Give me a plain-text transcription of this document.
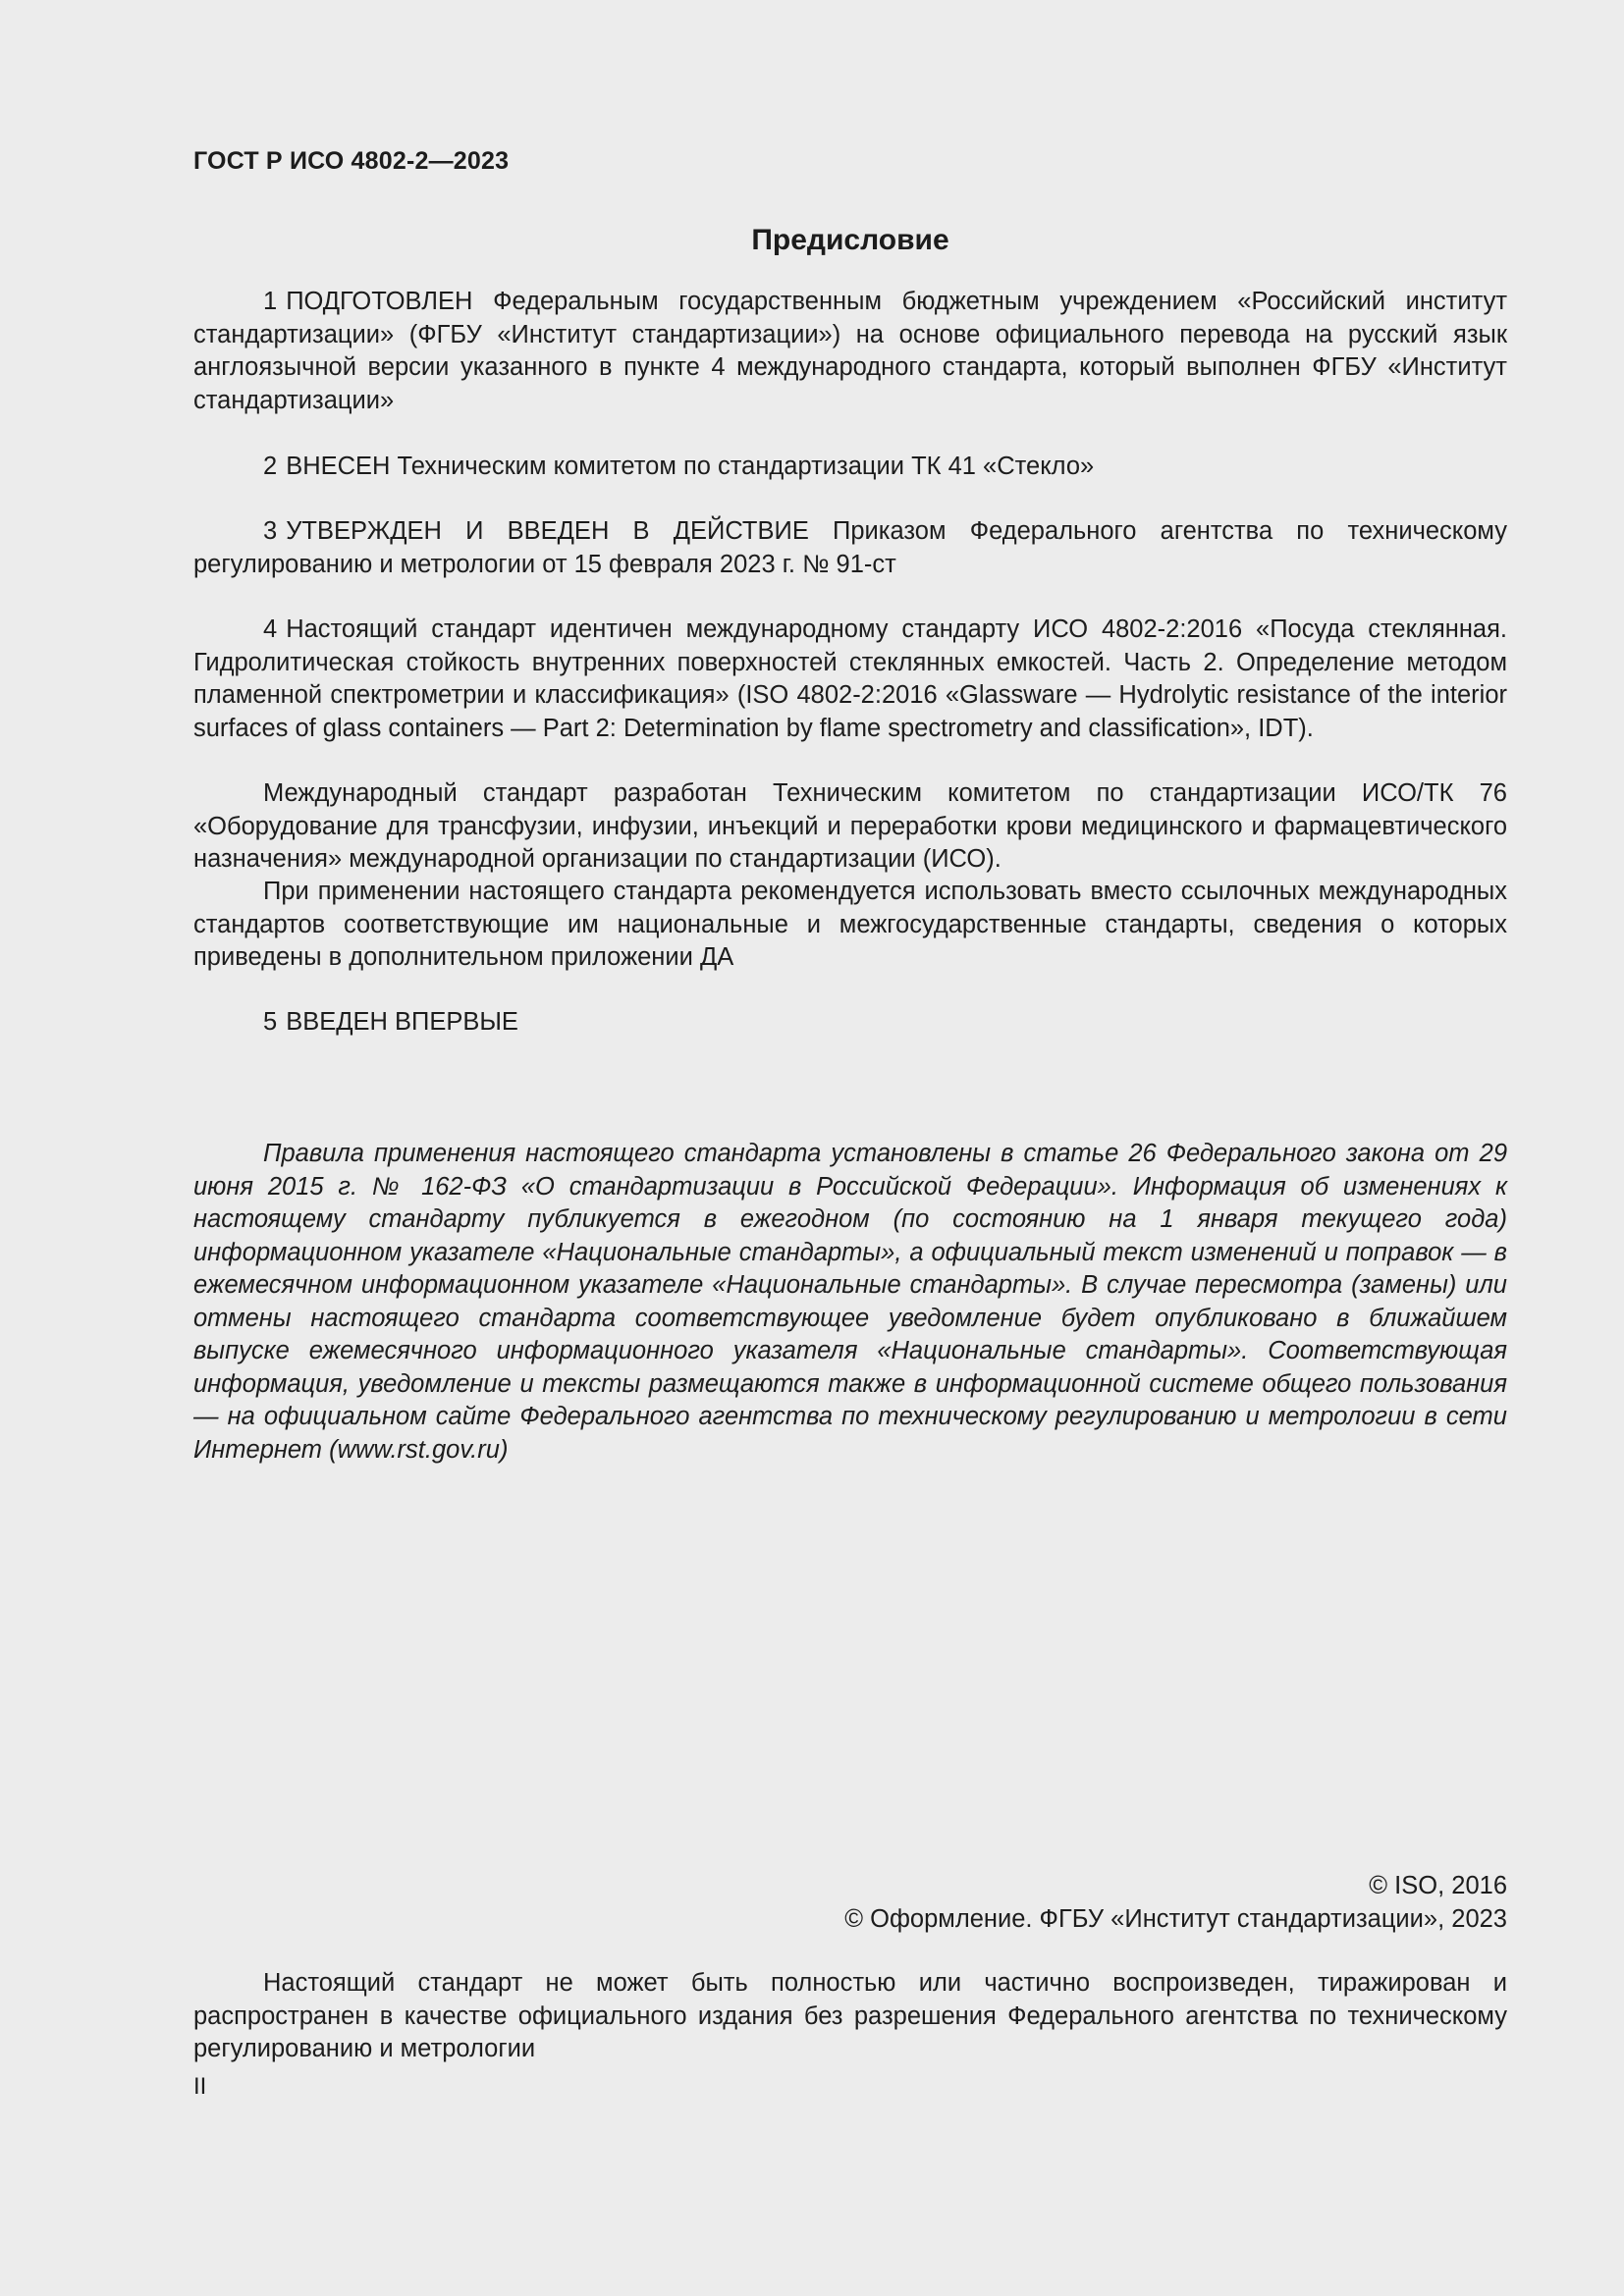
ГОСТ Р ИСО 4802-2—2023
Предисловие

1 ПОДГОТОВЛЕН Федеральным государственным бюджетным учреждением «Российский институт стандартизации» (ФГБУ «Институт стандартизации») на основе официального перевода на русский язык англоязычной версии указанного в пункте 4 международного стандарта, который выполнен ФГБУ «Институт стандартизации»

2 ВНЕСЕН Техническим комитетом по стандартизации ТК 41 «Стекло»

3 УТВЕРЖДЕН И ВВЕДЕН В ДЕЙСТВИЕ Приказом Федерального агентства по техническому регулированию и метрологии от 15 февраля 2023 г. № 91-ст

4 Настоящий стандарт идентичен международному стандарту ИСО 4802-2:2016 «Посуда стеклянная. Гидролитическая стойкость внутренних поверхностей стеклянных емкостей. Часть 2. Определение методом пламенной спектрометрии и классификация» (ISO 4802-2:2016 «Glassware — Hydrolytic resistance of the interior surfaces of glass containers — Part 2: Determination by flame spectrometry and classification», IDT).

Международный стандарт разработан Техническим комитетом по стандартизации ИСО/ТК 76 «Оборудование для трансфузии, инфузии, инъекций и переработки крови медицинского и фармацевтического назначения» международной организации по стандартизации (ИСО).

При применении настоящего стандарта рекомендуется использовать вместо ссылочных международных стандартов соответствующие им национальные и межгосударственные стандарты, сведения о которых приведены в дополнительном приложении ДА

5 ВВЕДЕН ВПЕРВЫЕ

Правила применения настоящего стандарта установлены в статье 26 Федерального закона от 29 июня 2015 г. № 162-ФЗ «О стандартизации в Российской Федерации». Информация об изменениях к настоящему стандарту публикуется в ежегодном (по состоянию на 1 января текущего года) информационном указателе «Национальные стандарты», а официальный текст изменений и поправок — в ежемесячном информационном указателе «Национальные стандарты». В случае пересмотра (замены) или отмены настоящего стандарта соответствующее уведомление будет опубликовано в ближайшем выпуске ежемесячного информационного указателя «Национальные стандарты». Соответствующая информация, уведомление и тексты размещаются также в информационной системе общего пользования — на официальном сайте Федерального агентства по техническому регулированию и метрологии в сети Интернет (www.rst.gov.ru)

© ISO, 2016
© Оформление. ФГБУ «Институт стандартизации», 2023

Настоящий стандарт не может быть полностью или частично воспроизведен, тиражирован и распространен в качестве официального издания без разрешения Федерального агентства по техническому регулированию и метрологии

II
